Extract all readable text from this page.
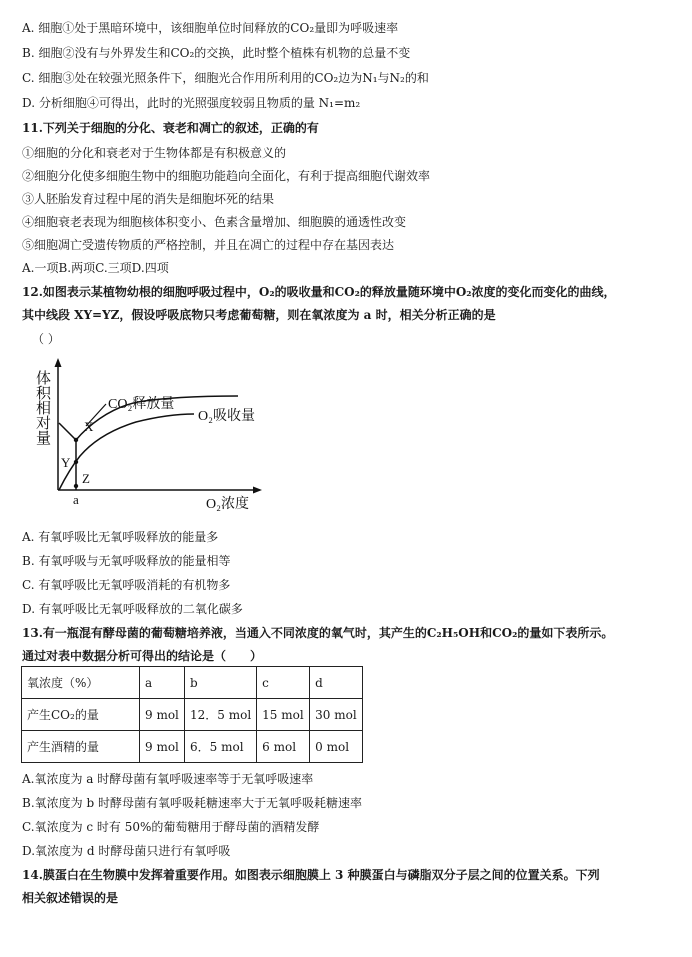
A. 细胞①处于黑暗环境中，该细胞单位时间释放的CO₂量即为呼吸速率
B. 细胞②没有与外界发生和CO₂的交换，此时整个植株有机物的总量不变
C. 细胞③处在较强光照条件下，细胞光合作用所利用的CO₂边为N₁与N₂的和
D. 分析细胞④可得出，此时的光照强度较弱且物质的量 N₁=m₂
11.下列关于细胞的分化、衰老和凋亡的叙述，正确的有
①细胞的分化和衰老对于生物体都是有积极意义的
②细胞分化使多细胞生物中的细胞功能趋向全面化，有利于提高细胞代谢效率
③人胚胎发育过程中尾的消失是细胞坏死的结果
④细胞衰老表现为细胞核体积变小、色素含量增加、细胞膜的通透性改变
⑤细胞凋亡受遗传物质的严格控制，并且在凋亡的过程中存在基因表达
A.一项B.两项C.三项D.四项
12.如图表示某植物幼根的细胞呼吸过程中，O₂的吸收量和CO₂的释放量随环境中O₂浓度的变化而变化的曲线，
其中线段 XY=YZ，假设呼吸底物只考虑葡萄糖，则在氧浓度为 a 时，相关分析正确的是
（ ）
体积相对量
O₂浓度
a
CO₂释放量
O₂吸收量
X
Y
Z
A. 有氧呼吸比无氧呼吸释放的能量多
B. 有氧呼吸与无氧呼吸释放的能量相等
C. 有氧呼吸比无氧呼吸消耗的有机物多
D. 有氧呼吸比无氧呼吸释放的二氧化碳多
13.有一瓶混有酵母菌的葡萄糖培养液，当通入不同浓度的氧气时，其产生的C₂H₅OH和CO₂的量如下表所示。
通过对表中数据分析可得出的结论是（　　）
氧浓度（%）	a	b	c	d
产生CO₂的量	9 mol	12．5 mol	15 mol	30 mol
产生酒精的量	9 mol	6．5 mol	6 mol	0 mol
A.氧浓度为 a 时酵母菌有氧呼吸速率等于无氧呼吸速率
B.氧浓度为 b 时酵母菌有氧呼吸耗糖速率大于无氧呼吸耗糖速率
C.氧浓度为 c 时有 50%的葡萄糖用于酵母菌的酒精发酵
D.氧浓度为 d 时酵母菌只进行有氧呼吸
14.膜蛋白在生物膜中发挥着重要作用。如图表示细胞膜上 3 种膜蛋白与磷脂双分子层之间的位置关系。下列
相关叙述错误的是
